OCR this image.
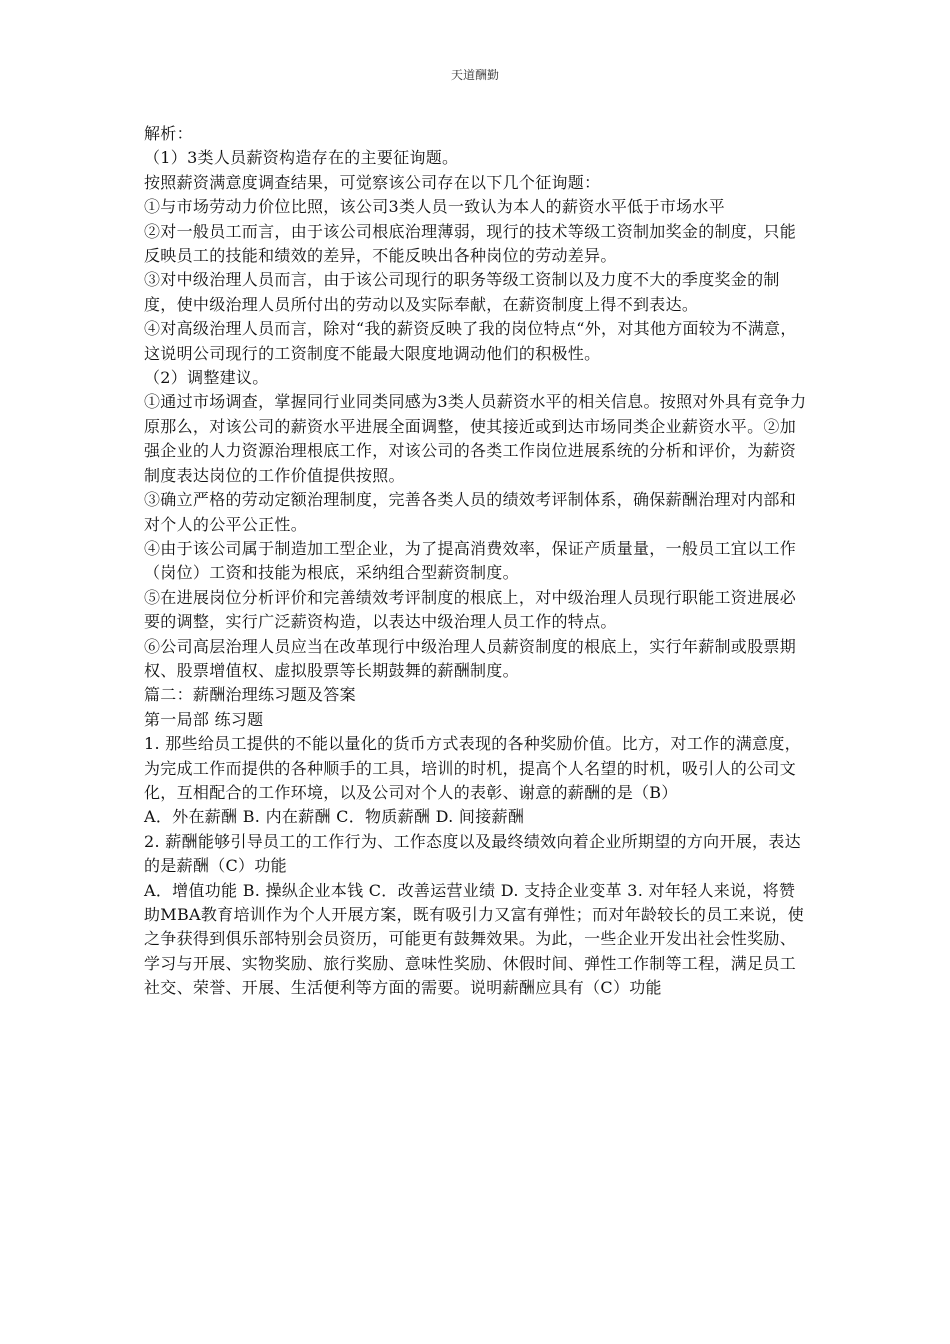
天道酬勤

解析：

（1）3类人员薪资构造存在的主要征询题。

按照薪资满意度调查结果，可觉察该公司存在以下几个征询题：

①与市场劳动力价位比照，该公司3类人员一致认为本人的薪资水平低于市场水平

②对一般员工而言，由于该公司根底治理薄弱，现行的技术等级工资制加奖金的制度，只能反映员工的技能和绩效的差异，不能反映出各种岗位的劳动差异。

③对中级治理人员而言，由于该公司现行的职务等级工资制以及力度不大的季度奖金的制度，使中级治理人员所付出的劳动以及实际奉献，在薪资制度上得不到表达。

④对高级治理人员而言，除对“我的薪资反映了我的岗位特点“外，对其他方面较为不满意，这说明公司现行的工资制度不能最大限度地调动他们的积极性。

（2）调整建议。

①通过市场调查，掌握同行业同类同感为3类人员薪资水平的相关信息。按照对外具有竞争力原那么，对该公司的薪资水平进展全面调整，使其接近或到达市场同类企业薪资水平。②加强企业的人力资源治理根底工作，对该公司的各类工作岗位进展系统的分析和评价，为薪资制度表达岗位的工作价值提供按照。

③确立严格的劳动定额治理制度，完善各类人员的绩效考评制体系，确保薪酬治理对内部和对个人的公平公正性。

④由于该公司属于制造加工型企业，为了提高消费效率，保证产质量量，一般员工宜以工作（岗位）工资和技能为根底，采纳组合型薪资制度。

⑤在进展岗位分析评价和完善绩效考评制度的根底上，对中级治理人员现行职能工资进展必要的调整，实行广泛薪资构造，以表达中级治理人员工作的特点。

⑥公司高层治理人员应当在改革现行中级治理人员薪资制度的根底上，实行年薪制或股票期权、股票增值权、虚拟股票等长期鼓舞的薪酬制度。

篇二：薪酬治理练习题及答案

第一局部 练习题

1. 那些给员工提供的不能以量化的货币方式表现的各种奖励价值。比方，对工作的满意度，为完成工作而提供的各种顺手的工具，培训的时机，提高个人名望的时机，吸引人的公司文化，互相配合的工作环境，以及公司对个人的表彰、谢意的薪酬的是（B）

A．外在薪酬 B. 内在薪酬 C．物质薪酬 D. 间接薪酬

2. 薪酬能够引导员工的工作行为、工作态度以及最终绩效向着企业所期望的方向开展，表达的是薪酬（C）功能

A．增值功能 B. 操纵企业本钱 C．改善运营业绩 D. 支持企业变革 3. 对年轻人来说，将赞助MBA教育培训作为个人开展方案，既有吸引力又富有弹性；而对年龄较长的员工来说，使之争获得到俱乐部特别会员资历，可能更有鼓舞效果。为此，一些企业开发出社会性奖励、学习与开展、实物奖励、旅行奖励、意味性奖励、休假时间、弹性工作制等工程，满足员工社交、荣誉、开展、生活便利等方面的需要。说明薪酬应具有（C）功能
